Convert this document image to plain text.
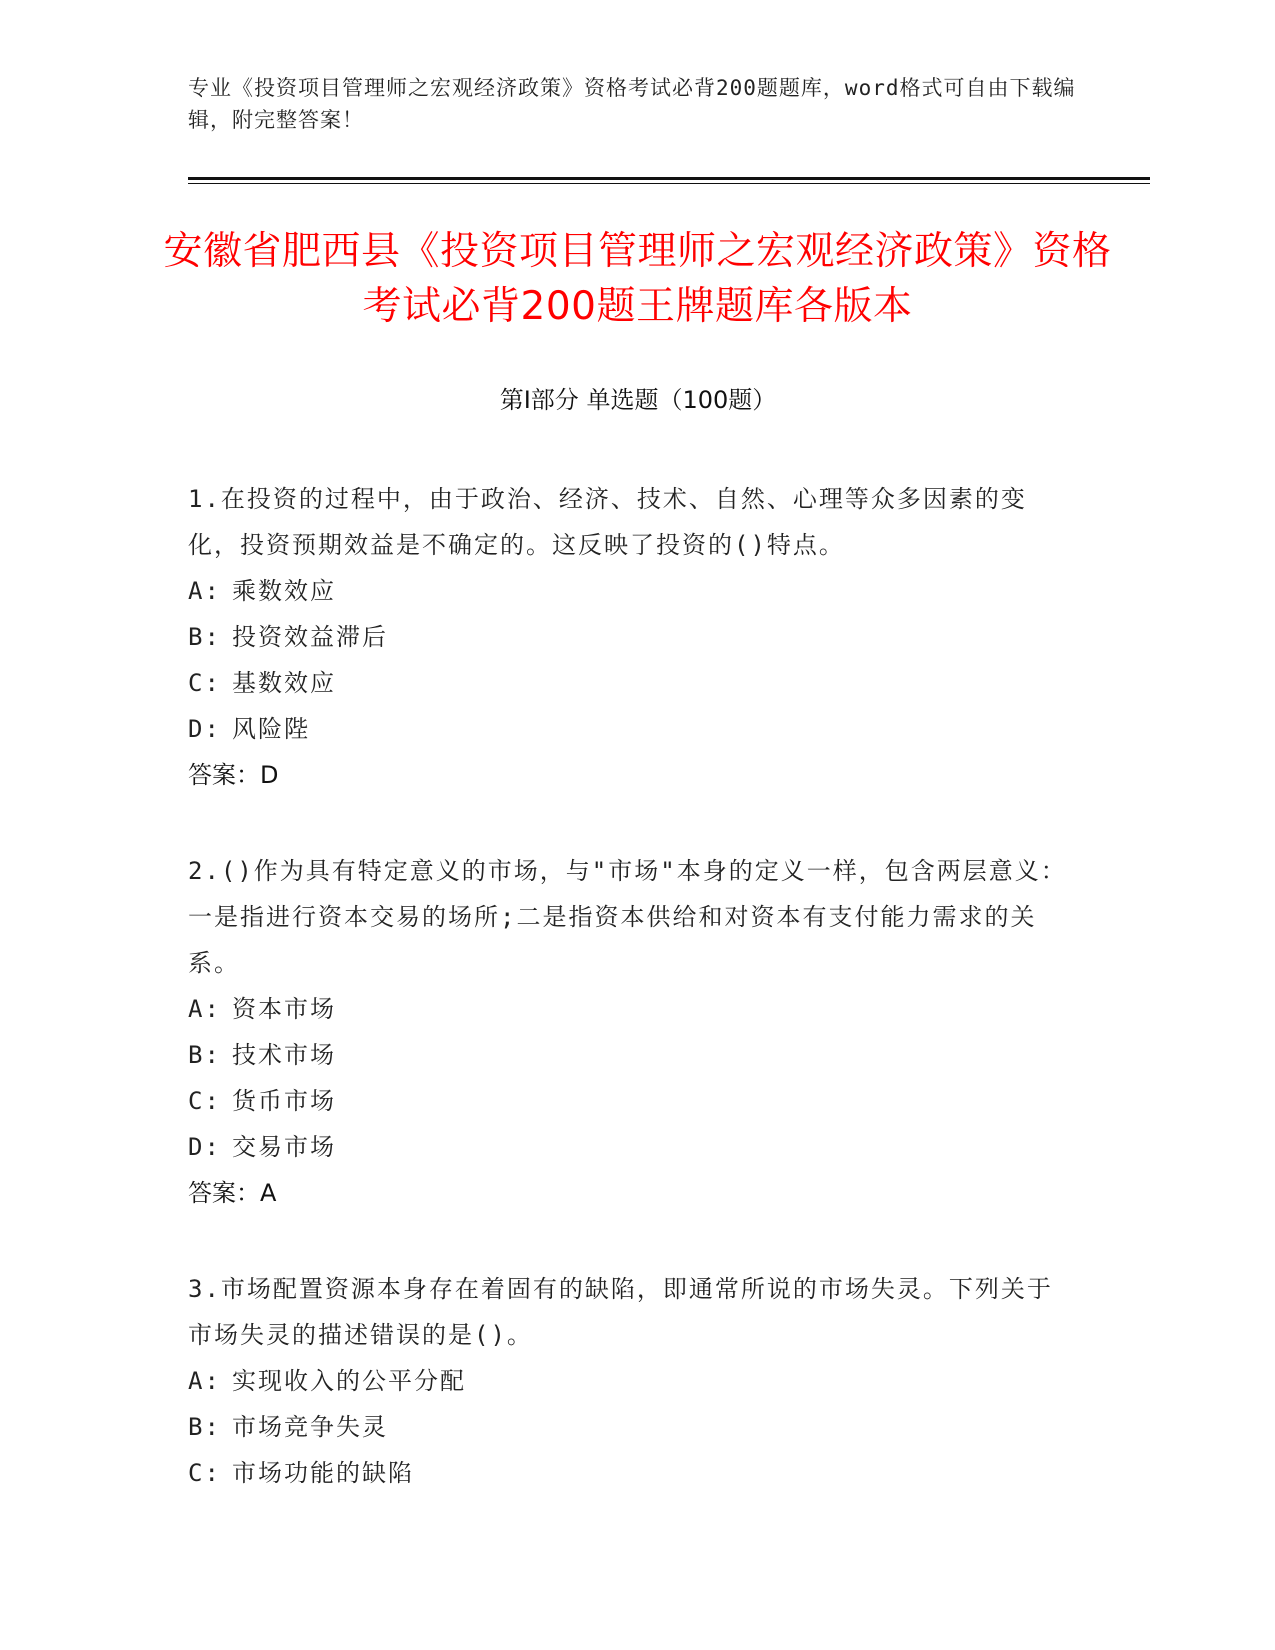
专业《投资项目管理师之宏观经济政策》资格考试必背200题题库，word格式可自由下载编辑，附完整答案！
安徽省肥西县《投资项目管理师之宏观经济政策》资格考试必背200题王牌题库各版本
第Ⅰ部分 单选题（100题）
1.在投资的过程中，由于政治、经济、技术、自然、心理等众多因素的变化，投资预期效益是不确定的。这反映了投资的()特点。
A: 乘数效应
B: 投资效益滞后
C: 基数效应
D: 风险陛
答案：D
2.()作为具有特定意义的市场，与"市场"本身的定义一样，包含两层意义：一是指进行资本交易的场所;二是指资本供给和对资本有支付能力需求的关系。
A: 资本市场
B: 技术市场
C: 货币市场
D: 交易市场
答案：A
3.市场配置资源本身存在着固有的缺陷，即通常所说的市场失灵。下列关于市场失灵的描述错误的是()。
A: 实现收入的公平分配
B: 市场竞争失灵
C: 市场功能的缺陷
